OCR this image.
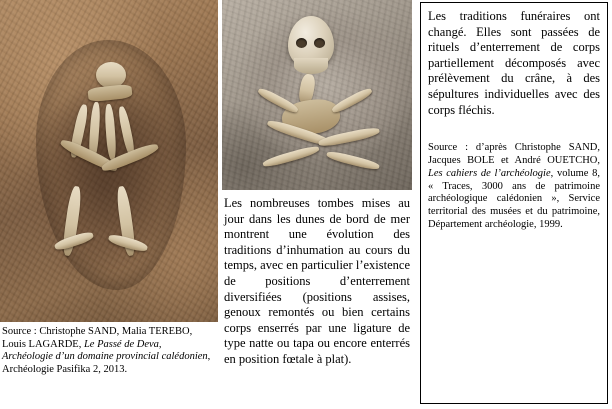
Source : Christophe SAND, Malia TEREBO, Louis LAGARDE, Le Passé de Deva, Archéologie d’un domaine provincial calédonien, Archéologie Pasifika 2, 2013.
Les nombreuses tombes mises au jour dans les dunes de bord de mer montrent une évolution des traditions d’inhumation au cours du temps, avec en particulier l’existence de positions d’enterrement diversifiées (positions assises, genoux remontés ou bien certains corps enserrés par une ligature de type natte ou tapa ou encore enterrés en position fœtale à plat).
Les traditions funéraires ont changé. Elles sont passées de rituels d’enterrement de corps partiellement décomposés avec prélèvement du crâne, à des sépultures individuelles avec des corps fléchis.
Source : d’après Christophe SAND, Jacques BOLE et André OUETCHO, Les cahiers de l’archéologie, volume 8, « Traces, 3000 ans de patrimoine archéologique calédonien », Service territorial des musées et du patrimoine, Département archéologie, 1999.
